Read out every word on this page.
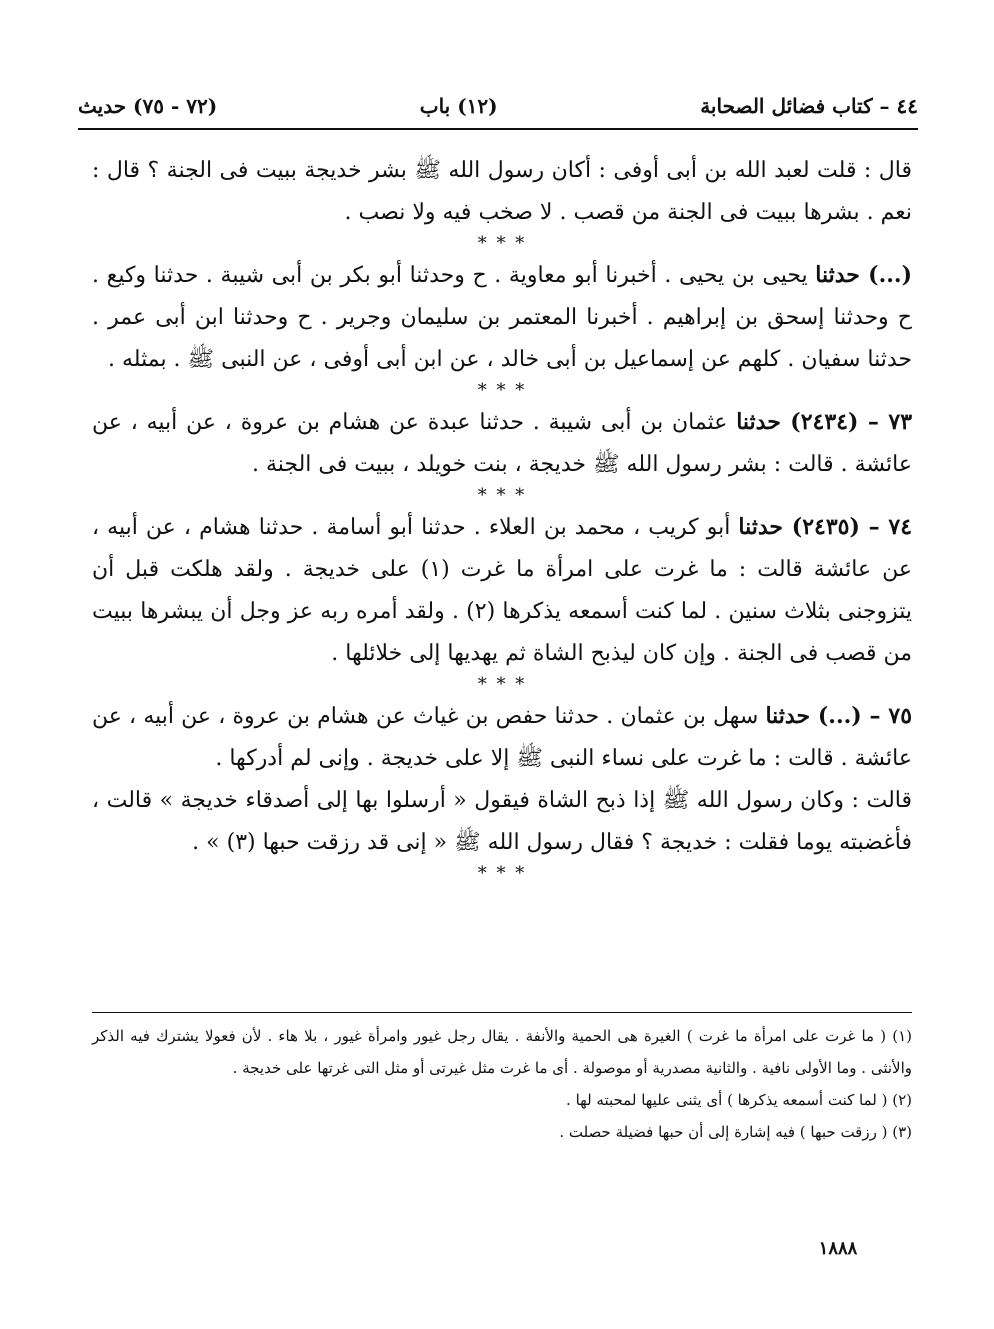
٤٤ – كتاب فضائل الصحابة
(١٢) باب
(٧٢ - ٧٥) حديث

قال : قلت لعبد الله بن أبى أوفى : أكان رسول الله ﷺ بشر خديجة ببيت فى الجنة ؟ قال : نعم . بشرها ببيت فى الجنة من قصب . لا صخب فيه ولا نصب .

* * *

(...) حدثنا يحيى بن يحيى . أخبرنا أبو معاوية . ح وحدثنا أبو بكر بن أبى شيبة . حدثنا وكيع . ح وحدثنا إسحق بن إبراهيم . أخبرنا المعتمر بن سليمان وجرير . ح وحدثنا ابن أبى عمر . حدثنا سفيان . كلهم عن إسماعيل بن أبى خالد ، عن ابن أبى أوفى ، عن النبى ﷺ . بمثله .

* * *

٧٣ – (٢٤٣٤) حدثنا عثمان بن أبى شيبة . حدثنا عبدة عن هشام بن عروة ، عن أبيه ، عن عائشة . قالت : بشر رسول الله ﷺ خديجة ، بنت خويلد ، ببيت فى الجنة .

* * *

٧٤ – (٢٤٣٥) حدثنا أبو كريب ، محمد بن العلاء . حدثنا أبو أسامة . حدثنا هشام ، عن أبيه ، عن عائشة قالت : ما غرت على امرأة ما غرت (١) على خديجة . ولقد هلكت قبل أن يتزوجنى بثلاث سنين . لما كنت أسمعه يذكرها (٢) . ولقد أمره ربه عز وجل أن يبشرها ببيت من قصب فى الجنة . وإن كان ليذبح الشاة ثم يهديها إلى خلائلها .

* * *

٧٥ – (...) حدثنا سهل بن عثمان . حدثنا حفص بن غياث عن هشام بن عروة ، عن أبيه ، عن عائشة . قالت : ما غرت على نساء النبى ﷺ إلا على خديجة . وإنى لم أدركها .

قالت : وكان رسول الله ﷺ إذا ذبح الشاة فيقول « أرسلوا بها إلى أصدقاء خديجة » قالت ، فأغضبته يوما فقلت : خديجة ؟ فقال رسول الله ﷺ « إنى قد رزقت حبها (٣) » .

* * *

(١) ( ما غرت على امرأة ما غرت ) الغيرة هى الحمية والأنفة . يقال رجل غيور وامرأة غيور ، بلا هاء . لأن فعولا يشترك فيه الذكر والأنثى . وما الأولى نافية . والثانية مصدرية أو موصولة . أى ما غرت مثل غيرتى أو مثل التى غرتها على خديجة .

(٢) ( لما كنت أسمعه يذكرها ) أى يثنى عليها لمحبته لها .

(٣) ( رزقت حبها ) فيه إشارة إلى أن حبها فضيلة حصلت .

١٨٨٨
